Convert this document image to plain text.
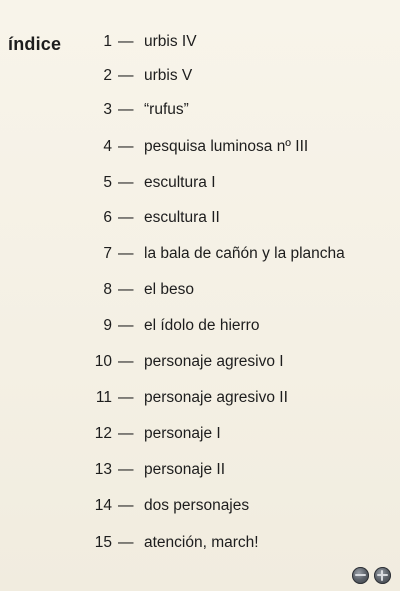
índice	1 — urbis IV
2 — urbis V
3 — “rufus”
4 — pesquisa luminosa nº III
5 — escultura I
6 — escultura II
7 — la bala de cañón y la plancha
8 — el beso
9 — el ídolo de hierro
10 — personaje agresivo I
11 — personaje agresivo II
12 — personaje I
13 — personaje II
14 — dos personajes
15 — atención, march!
